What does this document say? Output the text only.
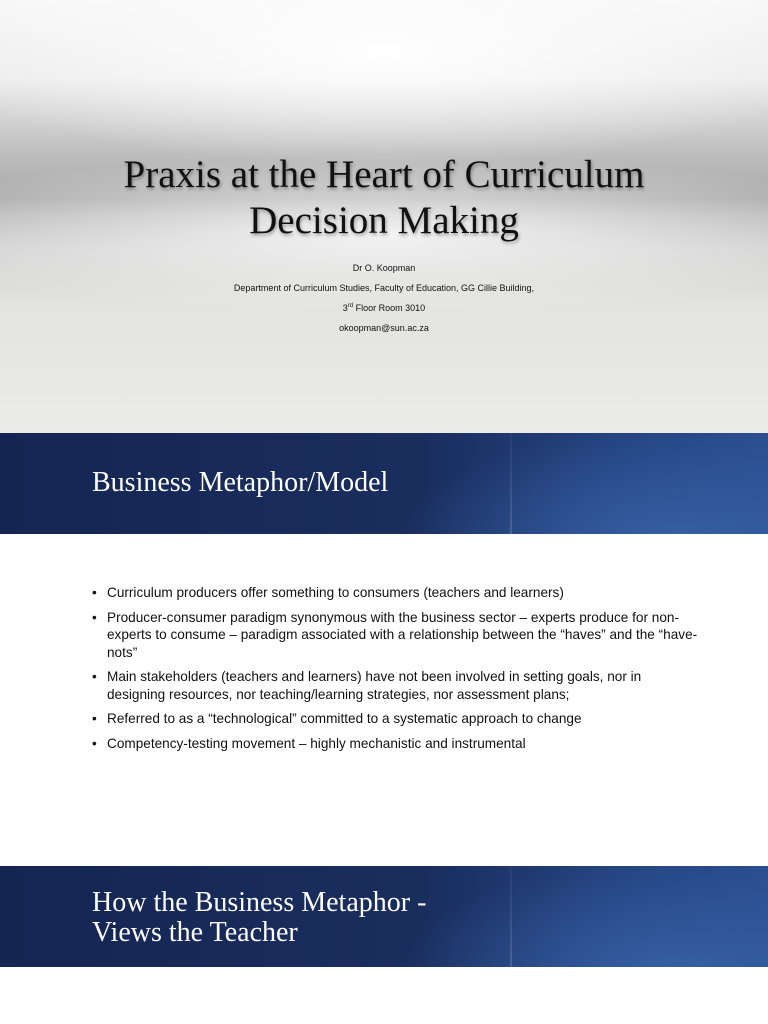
Praxis at the Heart of Curriculum
Decision Making
Dr O. Koopman
Department of Curriculum Studies, Faculty of Education, GG Cillie Building,
3rd Floor Room 3010
okoopman@sun.ac.za
Business Metaphor/Model
• Curriculum producers offer something to consumers (teachers and learners)
• Producer-consumer paradigm synonymous with the business sector – experts produce for non-experts to consume – paradigm associated with a relationship between the “haves” and the “have-nots”
• Main stakeholders (teachers and learners) have not been involved in setting goals, nor in designing resources, nor teaching/learning strategies, nor assessment plans;
• Referred to as a “technological” committed to a systematic approach to change
• Competency-testing movement – highly mechanistic and instrumental
How the Business Metaphor -
Views the Teacher
